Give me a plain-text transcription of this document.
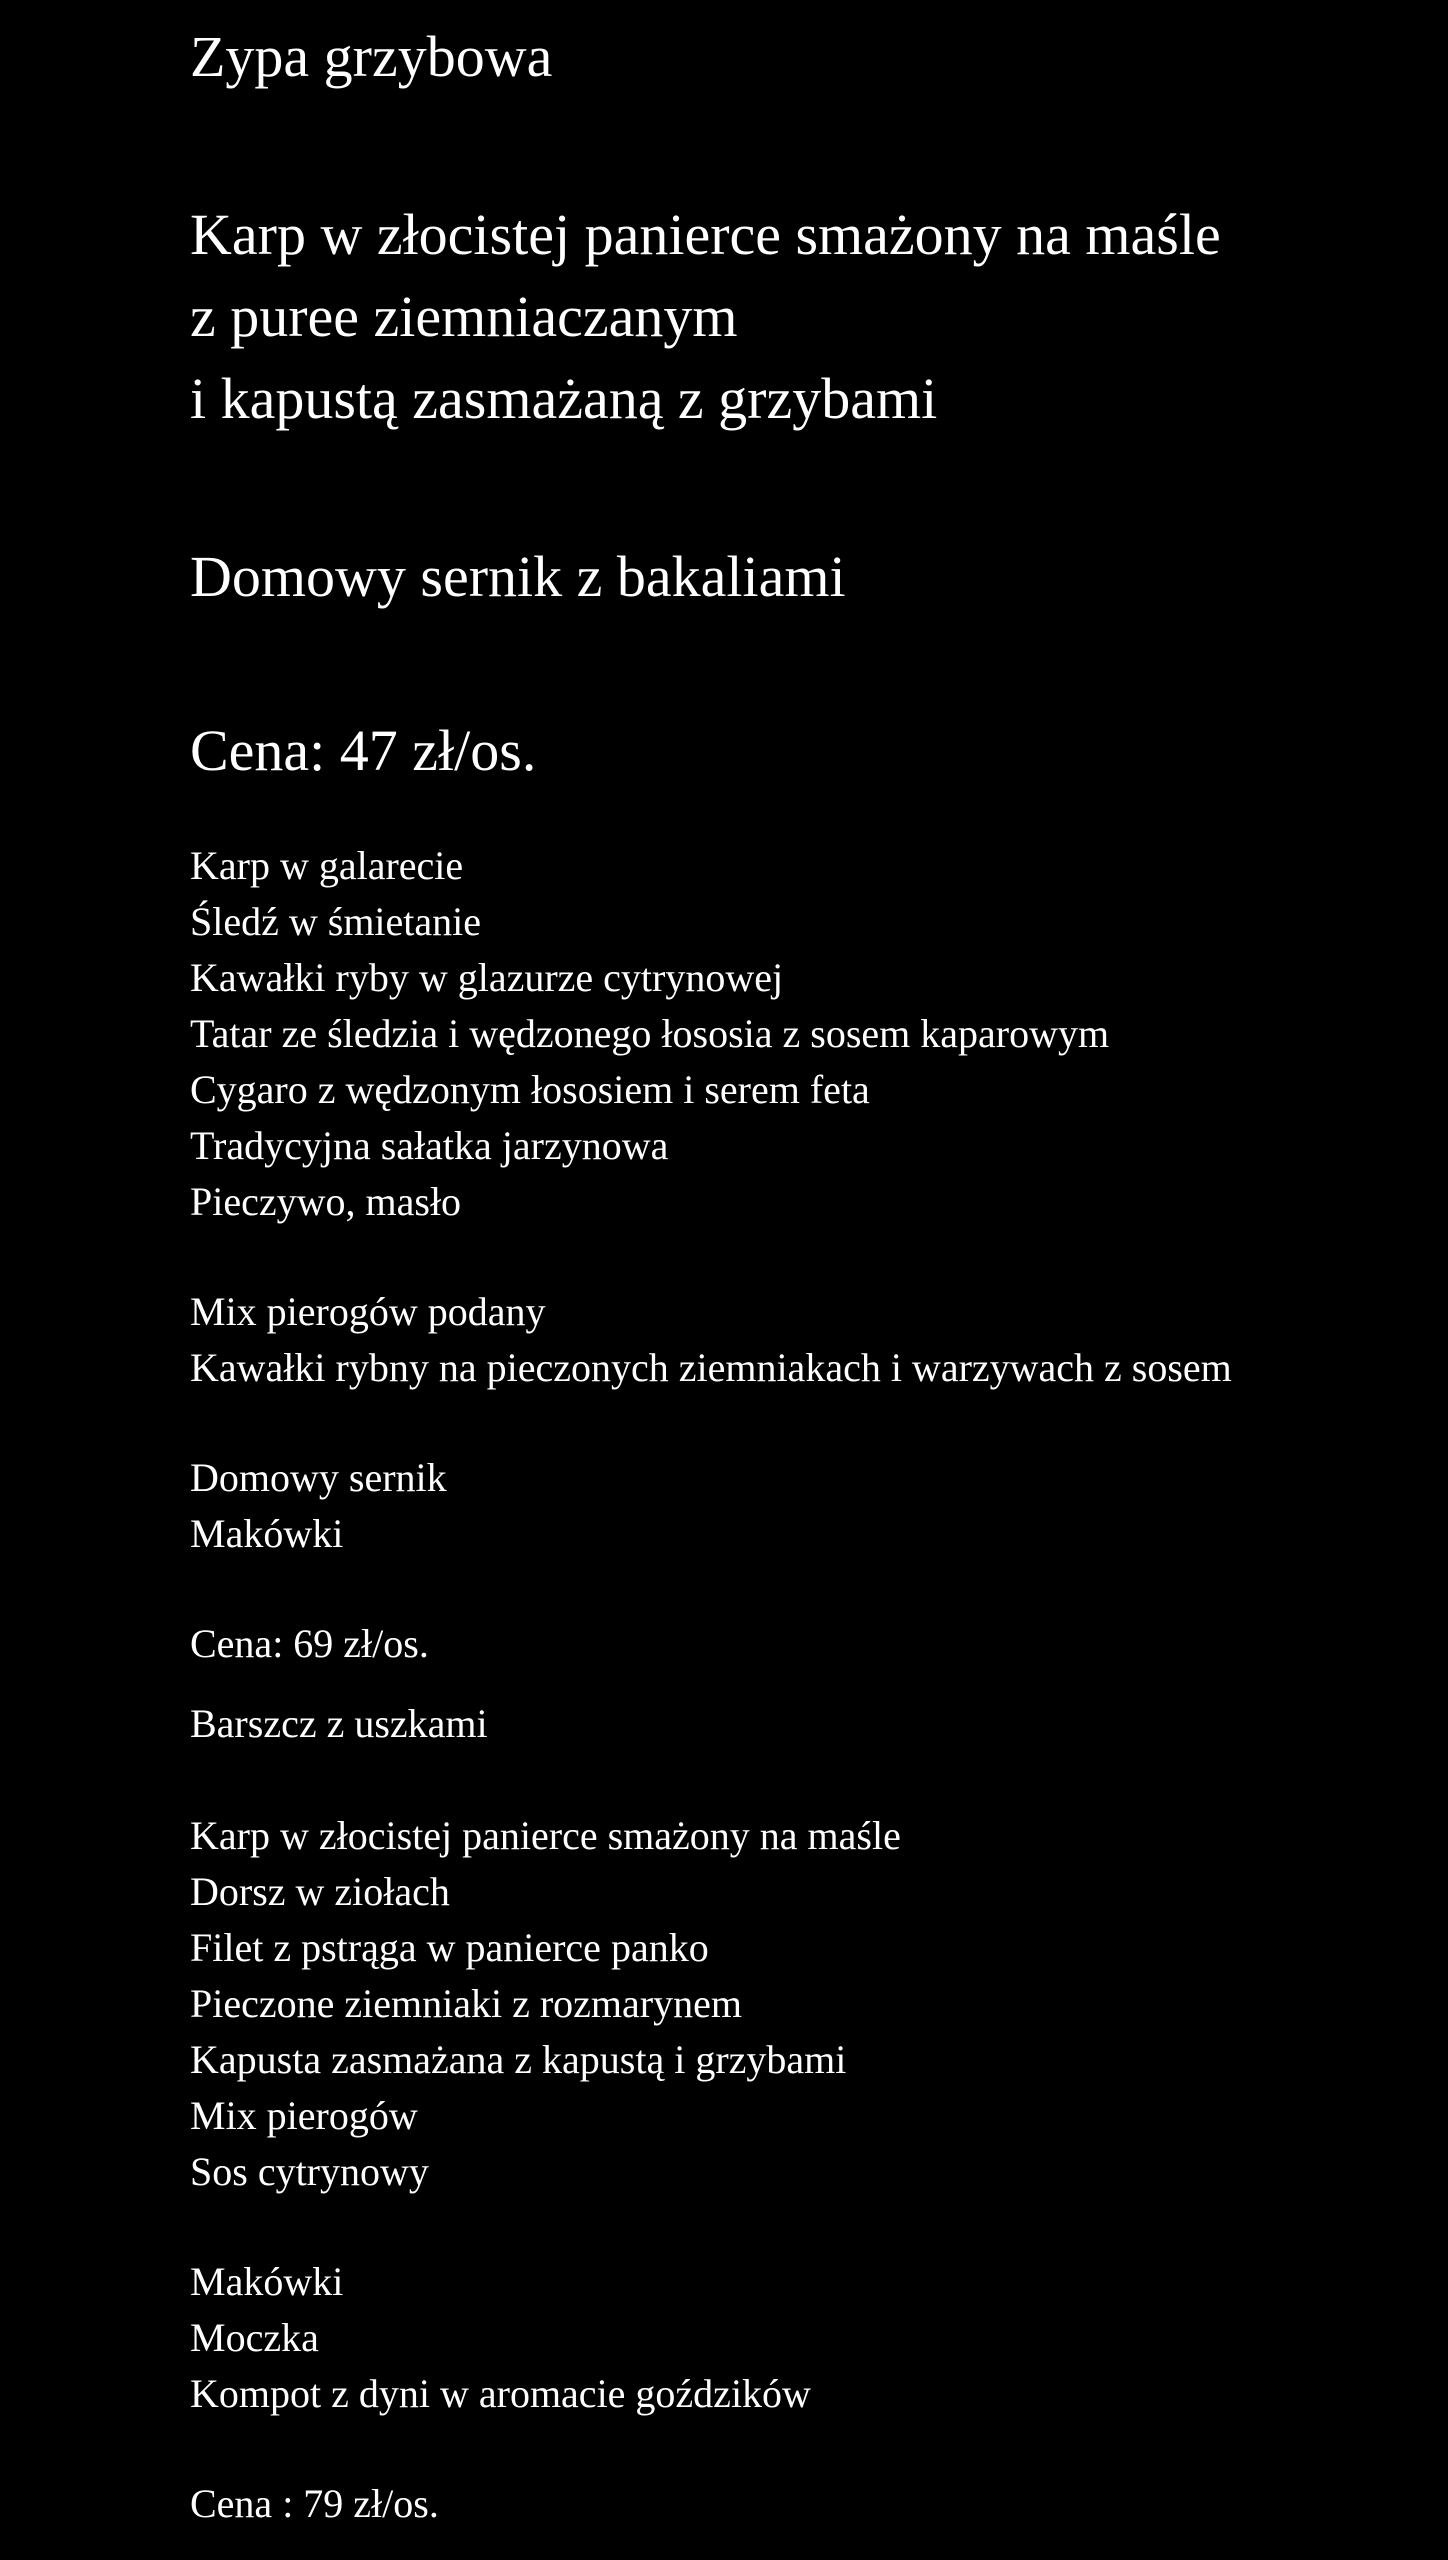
Zypa grzybowa
Karp w złocistej panierce smażony na maśle
z puree ziemniaczanym
i kapustą zasmażaną z grzybami
Domowy sernik z bakaliami
Cena: 47 zł/os.
Karp w galarecie
Śledź w śmietanie
Kawałki ryby w glazurze cytrynowej
Tatar ze śledzia i wędzonego łososia z sosem kaparowym
Cygaro z wędzonym łososiem i serem feta
Tradycyjna sałatka jarzynowa
Pieczywo, masło
Mix pierogów podany
Kawałki rybny na pieczonych ziemniakach i warzywach z sosem
Domowy sernik
Makówki
Cena: 69 zł/os.
Barszcz z uszkami
Karp w złocistej panierce smażony na maśle
Dorsz w ziołach
Filet z pstrąga w panierce panko
Pieczone ziemniaki z rozmarynem
Kapusta zasmażana z kapustą i grzybami
Mix pierogów
Sos cytrynowy
Makówki
Moczka
Kompot z dyni w aromacie goździków
Cena : 79 zł/os.
